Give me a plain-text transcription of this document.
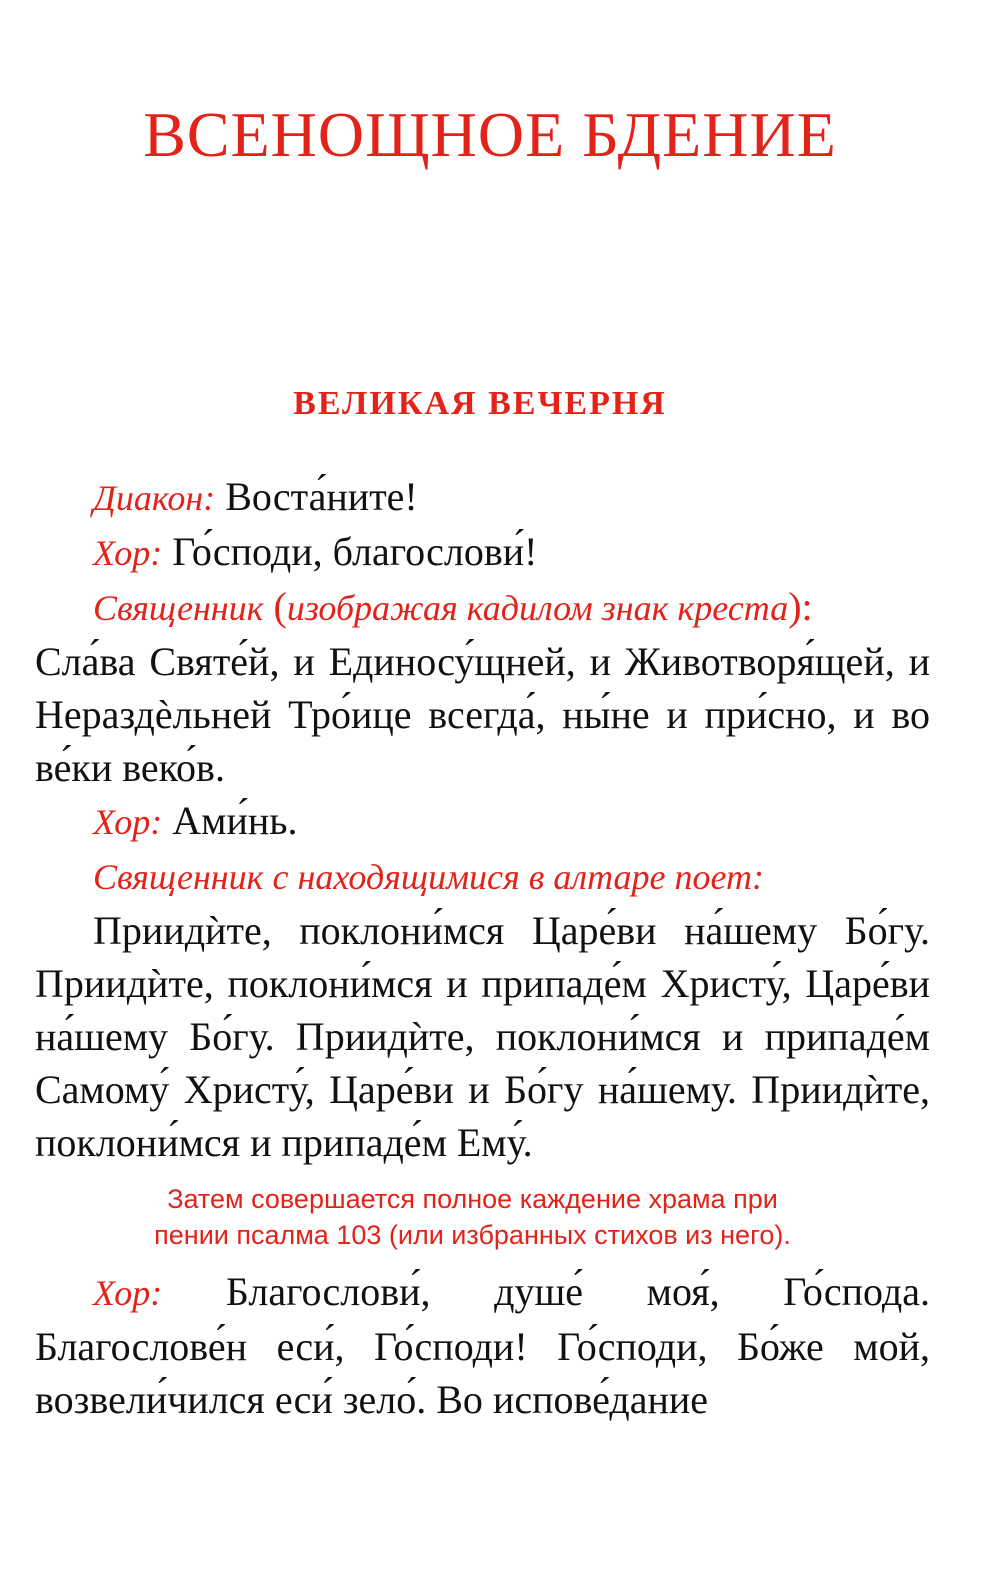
ВСЕНОЩНОЕ БДЕНИЕ
ВЕЛИКАЯ ВЕЧЕРНЯ

Диакон: Воста́ните!

Хор: Го́споди, благослови́!

Священник (изображая кадилом знак креста):

Сла́ва Святе́й, и Единосу́щней, и Животворя́щей, и Нераздѐльней Тро́ице всегда́, ны́не и при́сно, и во ве́ки веко́в.

Хор: Ами́нь.

Священник с находящимися в алтаре поет:

Приидѝте, поклони́мся Царе́ви на́шему Бо́гу. Приидѝте, поклони́мся и припаде́м Христу́, Царе́ви на́шему Бо́гу. Приидѝте, поклони́мся и припаде́м Самому́ Христу́, Царе́ви и Бо́гу на́шему. Приидѝте, поклони́мся и припаде́м Ему́.

Затем совершается полное каждение храма при
пении псалма 103 (или избранных стихов из него).

Хор: Благослови́, душе́ моя́, Го́спода. Благослове́н еси́, Го́споди! Го́споди, Бо́же мой, возвели́чился еси́ зело́. Во испове́дание
